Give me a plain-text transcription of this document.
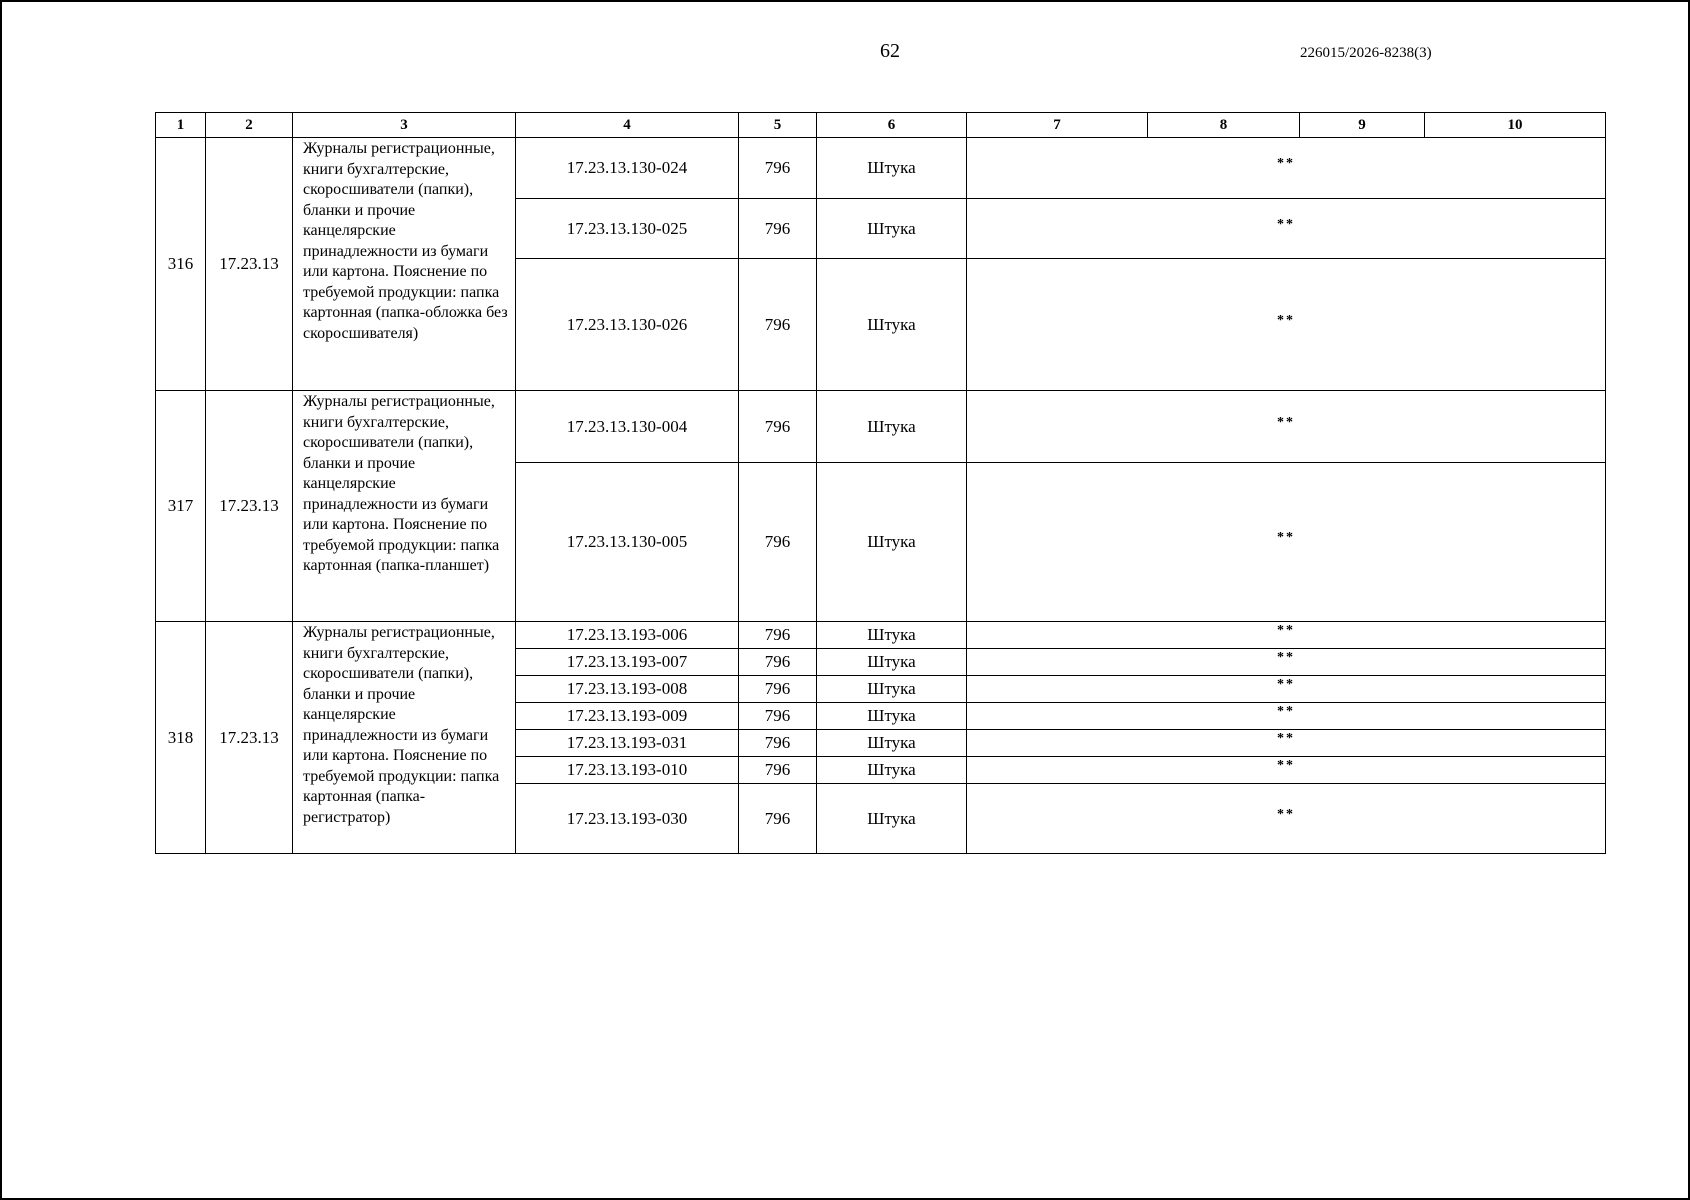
62	226015/2026-8238(3)
1	2	3	4	5	6	7	8	9	10
316	17.23.13	Журналы регистрационные, книги бухгалтерские, скоросшиватели (папки), бланки и прочие канцелярские принадлежности из бумаги или картона. Пояснение по требуемой продукции: папка картонная (папка-обложка без скоросшивателя)	17.23.13.130-024	796	Штука	**			
			17.23.13.130-025	796	Штука	**			
			17.23.13.130-026	796	Штука	**			
317	17.23.13	Журналы регистрационные, книги бухгалтерские, скоросшиватели (папки), бланки и прочие канцелярские принадлежности из бумаги или картона. Пояснение по требуемой продукции: папка картонная (папка-планшет)	17.23.13.130-004	796	Штука	**			
			17.23.13.130-005	796	Штука	**			
318	17.23.13	Журналы регистрационные, книги бухгалтерские, скоросшиватели (папки), бланки и прочие канцелярские принадлежности из бумаги или картона. Пояснение по требуемой продукции: папка картонная (папка-регистратор)	17.23.13.193-006	796	Штука	**			
			17.23.13.193-007	796	Штука	**			
			17.23.13.193-008	796	Штука	**			
			17.23.13.193-009	796	Штука	**			
			17.23.13.193-031	796	Штука	**			
			17.23.13.193-010	796	Штука	**			
			17.23.13.193-030	796	Штука	**			
